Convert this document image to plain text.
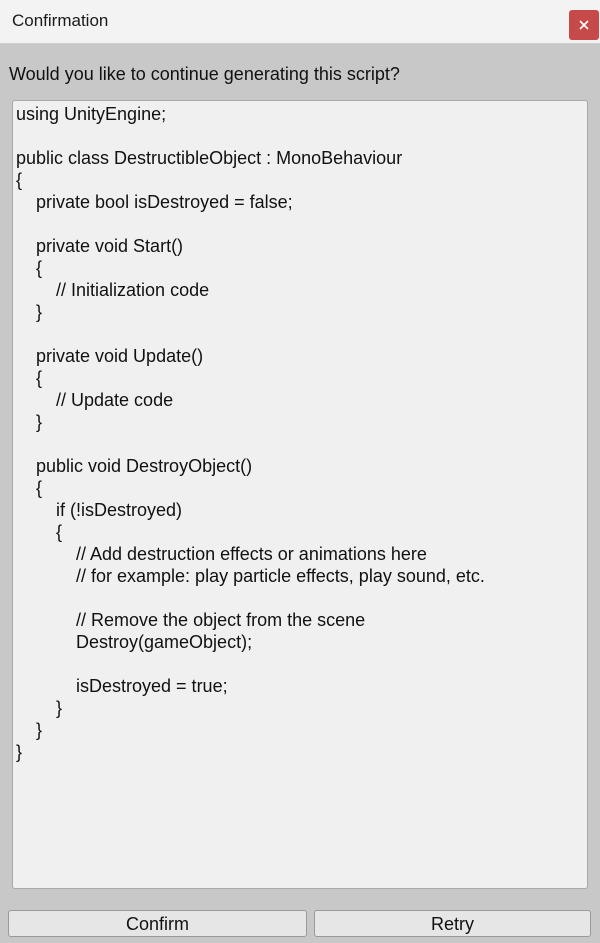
Confirmation
Would you like to continue generating this script?
using UnityEngine;
public class DestructibleObject : MonoBehaviour
{
private bool isDestroyed = false;
private void Start()
{
// Initialization code
}
private void Update()
{
// Update code
}
public void DestroyObject()
{
if (!isDestroyed)
{
// Add destruction effects or animations here
// for example: play particle effects, play sound, etc.
// Remove the object from the scene
Destroy(gameObject);
isDestroyed = true;
}
}
}
Confirm	Retry
